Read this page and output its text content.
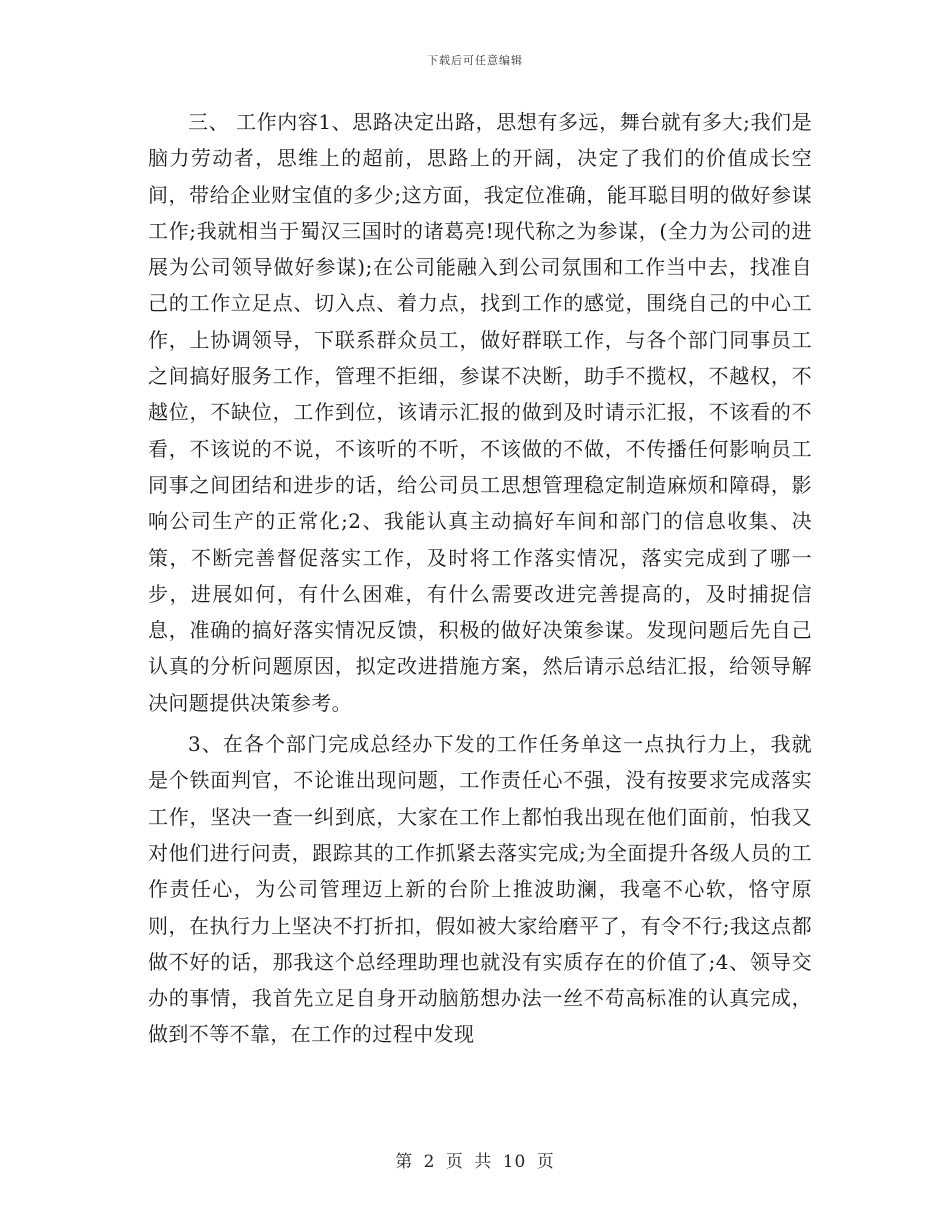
下载后可任意编辑

三、 工作内容1、思路决定出路，思想有多远，舞台就有多大;我们是脑力劳动者，思维上的超前，思路上的开阔，决定了我们的价值成长空间，带给企业财宝值的多少;这方面，我定位准确，能耳聪目明的做好参谋工作;我就相当于蜀汉三国时的诸葛亮!现代称之为参谋，(全力为公司的进展为公司领导做好参谋);在公司能融入到公司氛围和工作当中去，找准自己的工作立足点、切入点、着力点，找到工作的感觉，围绕自己的中心工作，上协调领导，下联系群众员工，做好群联工作，与各个部门同事员工之间搞好服务工作，管理不拒细，参谋不决断，助手不揽权，不越权，不越位，不缺位，工作到位，该请示汇报的做到及时请示汇报，不该看的不看，不该说的不说，不该听的不听，不该做的不做，不传播任何影响员工同事之间团结和进步的话，给公司员工思想管理稳定制造麻烦和障碍，影响公司生产的正常化;2、我能认真主动搞好车间和部门的信息收集、决策，不断完善督促落实工作，及时将工作落实情况，落实完成到了哪一步，进展如何，有什么困难，有什么需要改进完善提高的，及时捕捉信息，准确的搞好落实情况反馈，积极的做好决策参谋。发现问题后先自己认真的分析问题原因，拟定改进措施方案，然后请示总结汇报，给领导解决问题提供决策参考。

3、在各个部门完成总经办下发的工作任务单这一点执行力上，我就是个铁面判官，不论谁出现问题，工作责任心不强，没有按要求完成落实工作，坚决一查一纠到底，大家在工作上都怕我出现在他们面前，怕我又对他们进行问责，跟踪其的工作抓紧去落实完成;为全面提升各级人员的工作责任心，为公司管理迈上新的台阶上推波助澜，我毫不心软，恪守原则，在执行力上坚决不打折扣，假如被大家给磨平了，有令不行;我这点都做不好的话，那我这个总经理助理也就没有实质存在的价值了;4、领导交办的事情，我首先立足自身开动脑筋想办法一丝不苟高标准的认真完成，做到不等不靠，在工作的过程中发现

第 2 页 共 10 页
